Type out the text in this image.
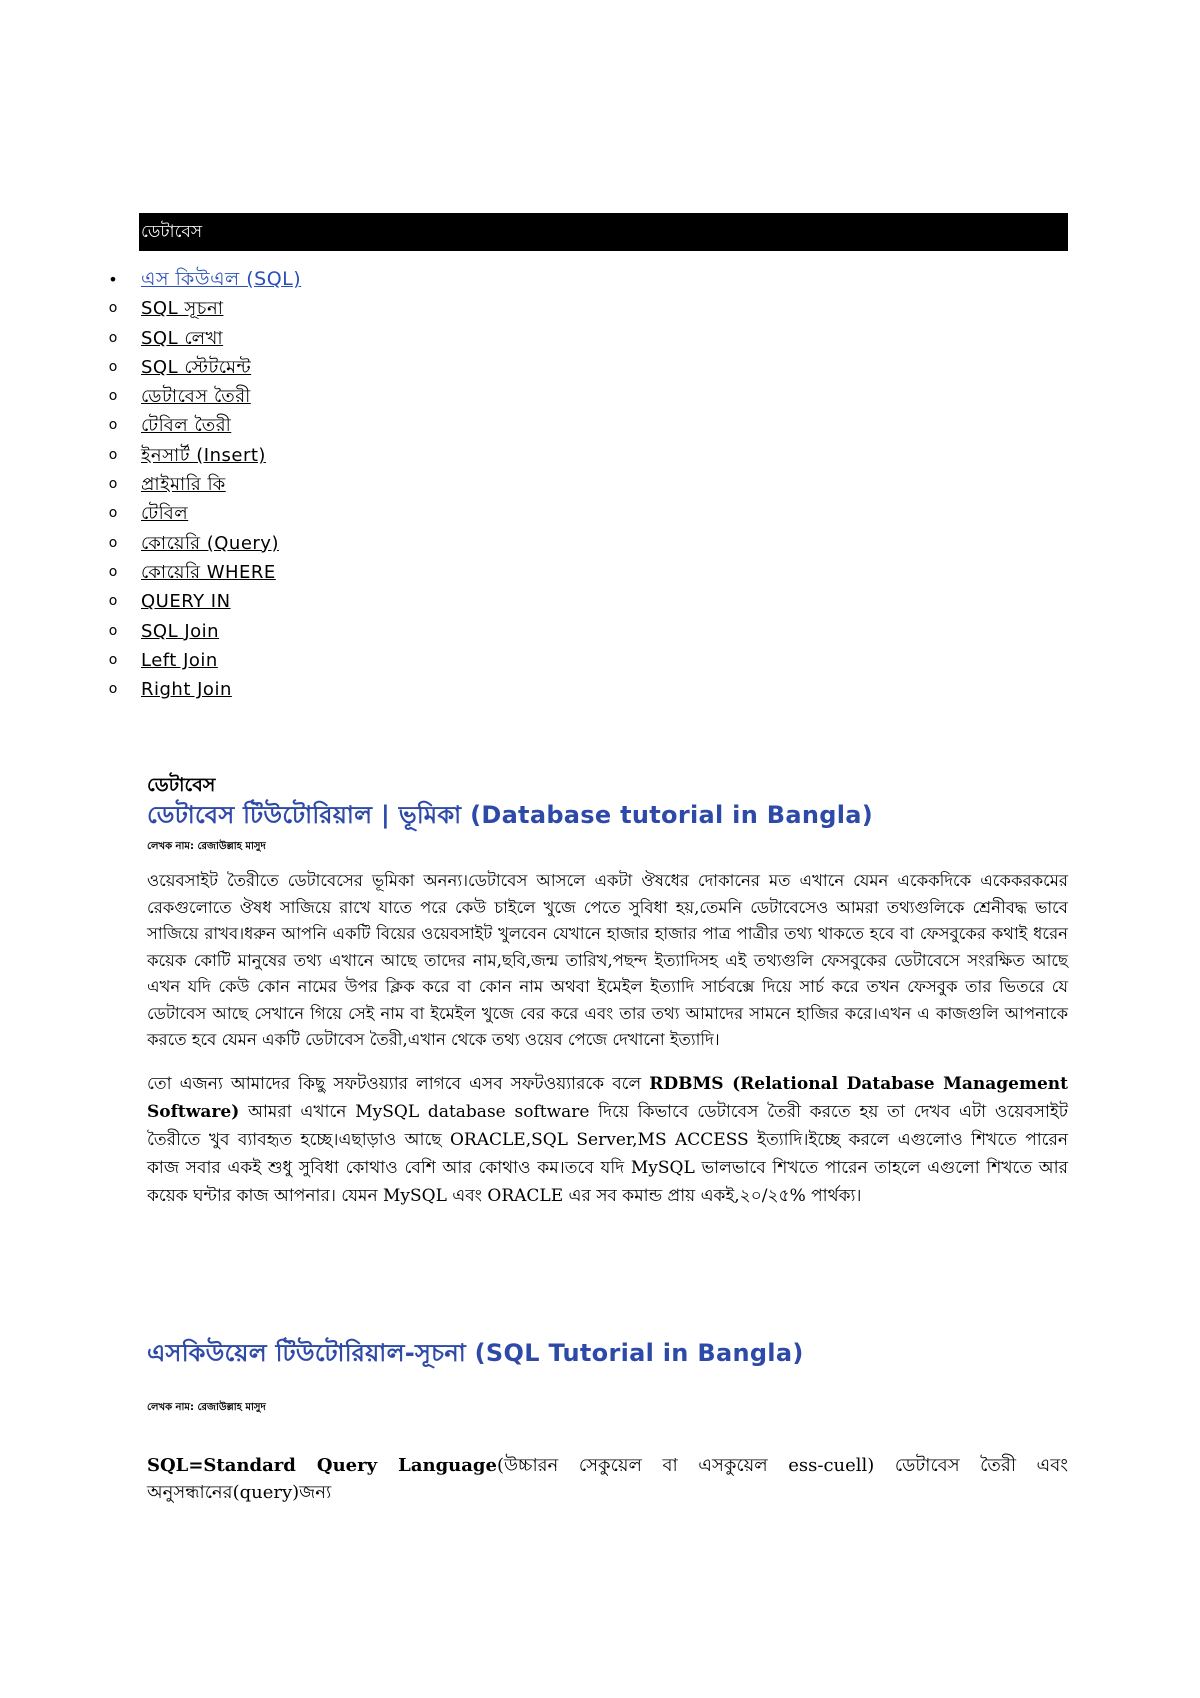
ডেটাবেস
• এস কিউএল (SQL)
o SQL সূচনা
o SQL লেখা
o SQL স্টেটমেন্ট
o ডেটাবেস তৈরী
o টেবিল তৈরী
o ইনসার্ট (Insert)
o প্রাইমারি কি
o টেবিল
o কোয়েরি (Query)
o কোয়েরি WHERE
o QUERY IN
o SQL Join
o Left Join
o Right Join
ডেটাবেস
ডেটাবেস টিউটোরিয়াল | ভূমিকা (Database tutorial in Bangla)
লেখক নাম: রেজাউল্লাহ মাসুদ

ওয়েবসাইট তৈরীতে ডেটাবেসের ভূমিকা অনন্য।ডেটাবেস আসলে একটা ঔষধের দোকানের মত এখানে যেমন একেকদিকে একেকরকমের রেকগুলোতে ঔষধ সাজিয়ে রাখে যাতে পরে কেউ চাইলে খুজে পেতে সুবিধা হয়,তেমনি ডেটাবেসেও আমরা তথ্যগুলিকে শ্রেনীবদ্ধ ভাবে সাজিয়ে রাখব।ধরুন আপনি একটি বিয়ের ওয়েবসাইট খুলবেন যেখানে হাজার হাজার পাত্র পাত্রীর তথ্য থাকতে হবে বা ফেসবুকের কথাই ধরেন কয়েক কোটি মানুষের তথ্য এখানে আছে তাদের নাম,ছবি,জন্ম তারিখ,পছন্দ ইত্যাদিসহ এই তথ্যগুলি ফেসবুকের ডেটাবেসে সংরক্ষিত আছে এখন যদি কেউ কোন নামের উপর ক্লিক করে বা কোন নাম অথবা ইমেইল ইত্যাদি সার্চবক্সে দিয়ে সার্চ করে তখন ফেসবুক তার ভিতরে যে ডেটাবেস আছে সেখানে গিয়ে সেই নাম বা ইমেইল খুজে বের করে এবং তার তথ্য আমাদের সামনে হাজির করে।এখন এ কাজগুলি আপনাকে করতে হবে যেমন একটি ডেটাবেস তৈরী,এখান থেকে তথ্য ওয়েব পেজে দেখানো ইত্যাদি।

তো এজন্য আমাদের কিছু সফটওয়্যার লাগবে এসব সফটওয়্যারকে বলে RDBMS (Relational Database Management Software) আমরা এখানে MySQL database software দিয়ে কিভাবে ডেটাবেস তৈরী করতে হয় তা দেখব এটা ওয়েবসাইট তৈরীতে খুব ব্যাবহৃত হচ্ছে।এছাড়াও আছে ORACLE,SQL Server,MS ACCESS ইত্যাদি।ইচ্ছে করলে এগুলোও শিখতে পারেন কাজ সবার একই শুধু সুবিধা কোথাও বেশি আর কোথাও কম।তবে যদি MySQL ভালভাবে শিখতে পারেন তাহলে এগুলো শিখতে আর কয়েক ঘন্টার কাজ আপনার। যেমন MySQL এবং ORACLE এর সব কমান্ড প্রায় একই,২০/২৫% পার্থক্য।

এসকিউয়েল টিউটোরিয়াল-সূচনা (SQL Tutorial in Bangla)
লেখক নাম: রেজাউল্লাহ মাসুদ

SQL=Standard Query Language(উচ্চারন সেকুয়েল বা এসকুয়েল ess-cuell) ডেটাবেস তৈরী এবং অনুসন্ধানের(query)জন্য
